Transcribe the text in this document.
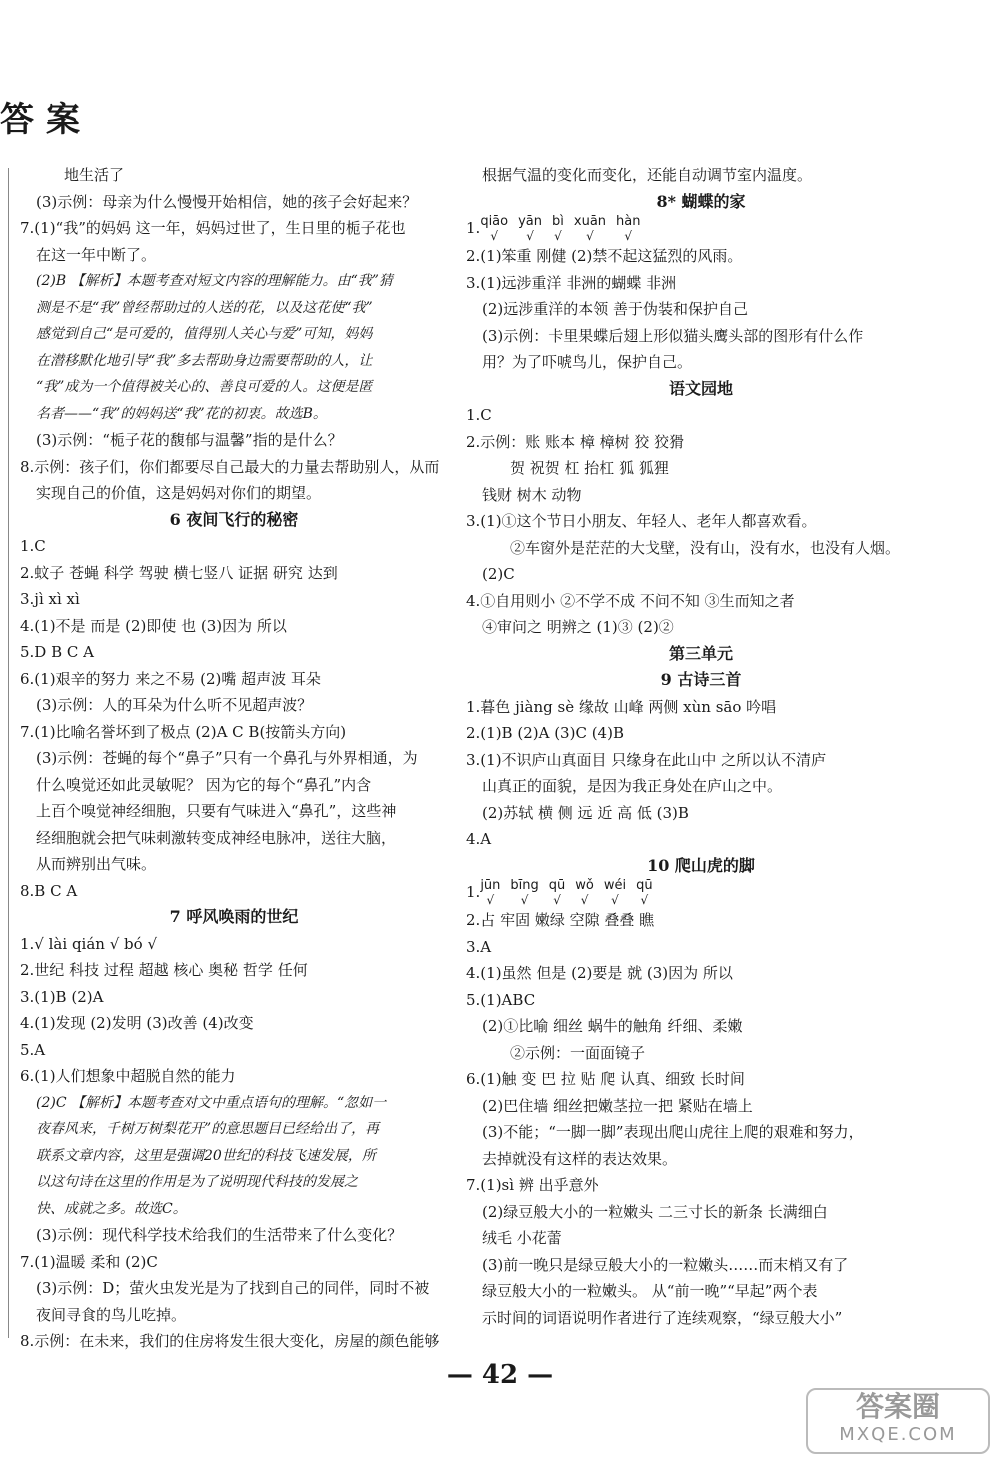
答案
地生活了
(3)示例：母亲为什么慢慢开始相信，她的孩子会好起来？
7.(1)“我”的妈妈 这一年，妈妈过世了，生日里的栀子花也
在这一年中断了。
(2)B 【解析】本题考查对短文内容的理解能力。由“我”猜
测是不是“我”曾经帮助过的人送的花，以及这花使“我”
感觉到自己“是可爱的，值得别人关心与爱”可知，妈妈
在潜移默化地引导“我”多去帮助身边需要帮助的人，让
“我”成为一个值得被关心的、善良可爱的人。这便是匿
名者——“我”的妈妈送“我”花的初衷。故选B。
(3)示例：“栀子花的馥郁与温馨”指的是什么？
8.示例：孩子们，你们都要尽自己最大的力量去帮助别人，从而
实现自己的价值，这是妈妈对你们的期望。
6 夜间飞行的秘密
1.C
2.蚊子 苍蝇 科学 驾驶 横七竖八 证据 研究 达到
3.jì xì xì
4.(1)不是 而是 (2)即使 也 (3)因为 所以
5.D B C A
6.(1)艰辛的努力 来之不易 (2)嘴 超声波 耳朵
(3)示例：人的耳朵为什么听不见超声波？
7.(1)比喻名誉坏到了极点 (2)A C B(按箭头方向)
(3)示例：苍蝇的每个“鼻子”只有一个鼻孔与外界相通，为
什么嗅觉还如此灵敏呢？ 因为它的每个“鼻孔”内含
上百个嗅觉神经细胞，只要有气味进入“鼻孔”，这些神
经细胞就会把气味刺激转变成神经电脉冲，送往大脑，
从而辨别出气味。
8.B C A
7 呼风唤雨的世纪
1.√ lài qián √ bó √
2.世纪 科技 过程 超越 核心 奥秘 哲学 任何
3.(1)B (2)A
4.(1)发现 (2)发明 (3)改善 (4)改变
5.A
6.(1)人们想象中超脱自然的能力
(2)C 【解析】本题考查对文中重点语句的理解。“忽如一
夜春风来，千树万树梨花开”的意思题目已经给出了，再
联系文章内容，这里是强调20世纪的科技飞速发展，所
以这句诗在这里的作用是为了说明现代科技的发展之
快、成就之多。故选C。
(3)示例：现代科学技术给我们的生活带来了什么变化？
7.(1)温暖 柔和 (2)C
(3)示例：D；萤火虫发光是为了找到自己的同伴，同时不被
夜间寻食的鸟儿吃掉。
8.示例：在未来，我们的住房将发生很大变化，房屋的颜色能够
根据气温的变化而变化，还能自动调节室内温度。
8* 蝴蝶的家
1.qiāo
√
yān
√
bì
√
xuān
√
hàn
√
2.(1)笨重 刚健 (2)禁不起这猛烈的风雨。
3.(1)远涉重洋 非洲的蝴蝶 非洲
(2)远涉重洋的本领 善于伪装和保护自己
(3)示例：卡里果蝶后翅上形似猫头鹰头部的图形有什么作
用？为了吓唬鸟儿，保护自己。
语文园地
1.C
2.示例：账 账本 樟 樟树 狡 狡猾
贺 祝贺 杠 抬杠 狐 狐狸
钱财 树木 动物
3.(1)①这个节日小朋友、年轻人、老年人都喜欢看。
②车窗外是茫茫的大戈壁，没有山，没有水，也没有人烟。
(2)C
4.①自用则小 ②不学不成 不问不知 ③生而知之者
④审问之 明辨之 (1)③ (2)②
第三单元
9 古诗三首
1.暮色 jiàng sè 缘故 山峰 两侧 xùn sāo 吟唱
2.(1)B (2)A (3)C (4)B
3.(1)不识庐山真面目 只缘身在此山中 之所以认不清庐
山真正的面貌，是因为我正身处在庐山之中。
(2)苏轼 横 侧 远 近 高 低 (3)B
4.A
10 爬山虎的脚
1.jūn
√
bīng
√
qū
√
wǒ
√
wéi
√
qū
√
2.占 牢固 嫩绿 空隙 叠叠 瞧
3.A
4.(1)虽然 但是 (2)要是 就 (3)因为 所以
5.(1)ABC
(2)①比喻 细丝 蜗牛的触角 纤细、柔嫩
②示例：一面面镜子
6.(1)触 变 巴 拉 贴 爬 认真、细致 长时间
(2)巴住墙 细丝把嫩茎拉一把 紧贴在墙上
(3)不能；“一脚一脚”表现出爬山虎往上爬的艰难和努力，
去掉就没有这样的表达效果。
7.(1)sì 辨 出乎意外
(2)绿豆般大小的一粒嫩头 二三寸长的新条 长满细白
绒毛 小花蕾
(3)前一晚只是绿豆般大小的一粒嫩头……而末梢又有了
绿豆般大小的一粒嫩头。 从“前一晚”“早起”两个表
示时间的词语说明作者进行了连续观察，“绿豆般大小”
— 42 —
答案圈
MXQE.COM
